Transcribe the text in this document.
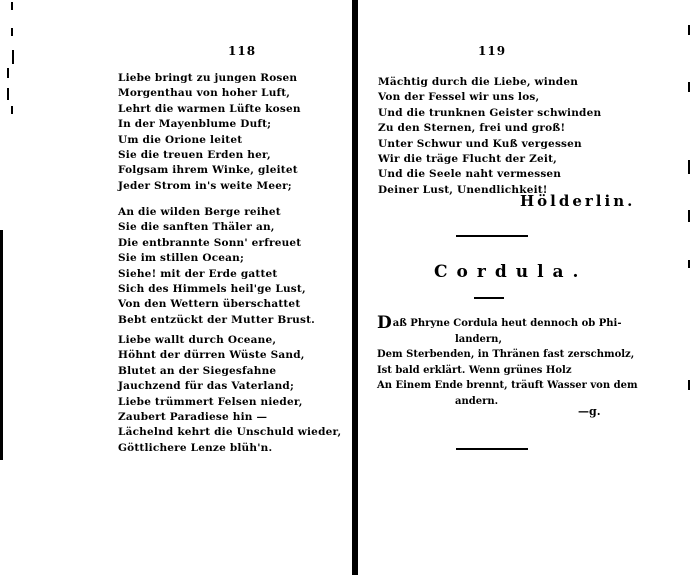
118
Liebe bringt zu jungen Rosen
Morgenthau von hoher Luft,
Lehrt die warmen Lüfte kosen
In der Mayenblume Duft;
Um die Orione leitet
Sie die treuen Erden her,
Folgsam ihrem Winke, gleitet
Jeder Strom in's weite Meer;
An die wilden Berge reihet
Sie die sanften Thäler an,
Die entbrannte Sonn' erfreuet
Sie im stillen Ocean;
Siehe! mit der Erde gattet
Sich des Himmels heil'ge Lust,
Von den Wettern überschattet
Bebt entzückt der Mutter Brust.
Liebe wallt durch Oceane,
Höhnt der dürren Wüste Sand,
Blutet an der Siegesfahne
Jauchzend für das Vaterland;
Liebe trümmert Felsen nieder,
Zaubert Paradiese hin —
Lächelnd kehrt die Unschuld wieder,
Göttlichere Lenze blüh'n.
119
Mächtig durch die Liebe, winden
Von der Fessel wir uns los,
Und die trunknen Geister schwinden
Zu den Sternen, frei und groß!
Unter Schwur und Kuß vergessen
Wir die träge Flucht der Zeit,
Und die Seele naht vermessen
Deiner Lust, Unendlichkeit!
Hölderlin.
Cordula.
Daß Phryne Cordula heut dennoch ob Phi-
landern,
Dem Sterbenden, in Thränen fast zerschmolz,
Ist bald erklärt. Wenn grünes Holz
An Einem Ende brennt, träuft Wasser von dem
andern.
—g.
